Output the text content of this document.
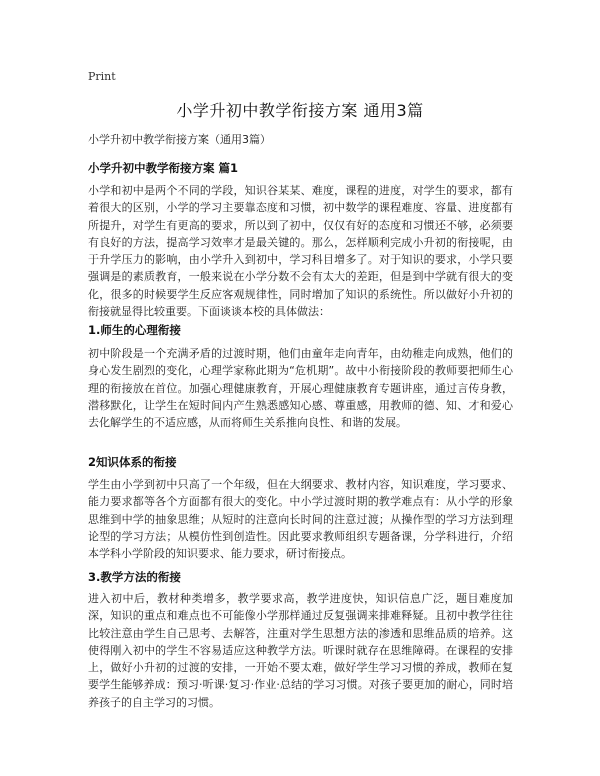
Print
小学升初中教学衔接方案 通用3篇
小学升初中教学衔接方案（通用3篇）
小学升初中教学衔接方案 篇1
小学和初中是两个不同的学段，知识谷某某、难度，课程的进度，对学生的要求，都有着很大的区别，小学的学习主要靠态度和习惯，初中数学的课程难度、容量、进度都有所提升，对学生有更高的要求，所以到了初中，仅仅有好的态度和习惯还不够，必须要有良好的方法，提高学习效率才是最关键的。那么，怎样顺利完成小升初的衔接呢，由于升学压力的影响，由小学升入到初中，学习科目增多了。对于知识的要求，小学只要强调是的素质教育，一般来说在小学分数不会有太大的差距，但是到中学就有很大的变化，很多的时候要学生反应客观规律性，同时增加了知识的系统性。所以做好小升初的衔接就显得比较重要。下面谈谈本校的具体做法：
1.师生的心理衔接
初中阶段是一个充满矛盾的过渡时期，他们由童年走向青年，由幼稚走向成熟，他们的身心发生剧烈的变化，心理学家称此期为“危机期”。故中小衔接阶段的教师要把师生心理的衔接放在首位。加强心理健康教育，开展心理健康教育专题讲座，通过言传身教，潜移默化，让学生在短时间内产生熟悉感知心感、尊重感，用教师的德、知、才和爱心去化解学生的不适应感，从而将师生关系推向良性、和谐的发展。
2知识体系的衔接
学生由小学到初中只高了一个年级，但在大纲要求、教材内容，知识难度，学习要求、能力要求都等各个方面都有很大的变化。中小学过渡时期的教学难点有：从小学的形象思维到中学的抽象思维；从短时的注意向长时间的注意过渡；从操作型的学习方法到理论型的学习方法；从模仿性到创造性。因此要求教师组织专题备课，分学科进行，介绍本学科小学阶段的知识要求、能力要求，研讨衔接点。
3.教学方法的衔接
进入初中后，教材种类增多，教学要求高，教学进度快，知识信息广泛，题目难度加深，知识的重点和难点也不可能像小学那样通过反复强调来排难释疑。且初中教学往往比较注意由学生自己思考、去解答，注重对学生思想方法的渗透和思维品质的培养。这使得刚入初中的学生不容易适应这种教学方法。听课时就存在思维障碍。在课程的安排上，做好小升初的过渡的安排，一开始不要太难，做好学生学习习惯的养成，教师在复要学生能够养成：预习·听课·复习·作业·总结的学习习惯。对孩子要更加的耐心，同时培养孩子的自主学习的习惯。
